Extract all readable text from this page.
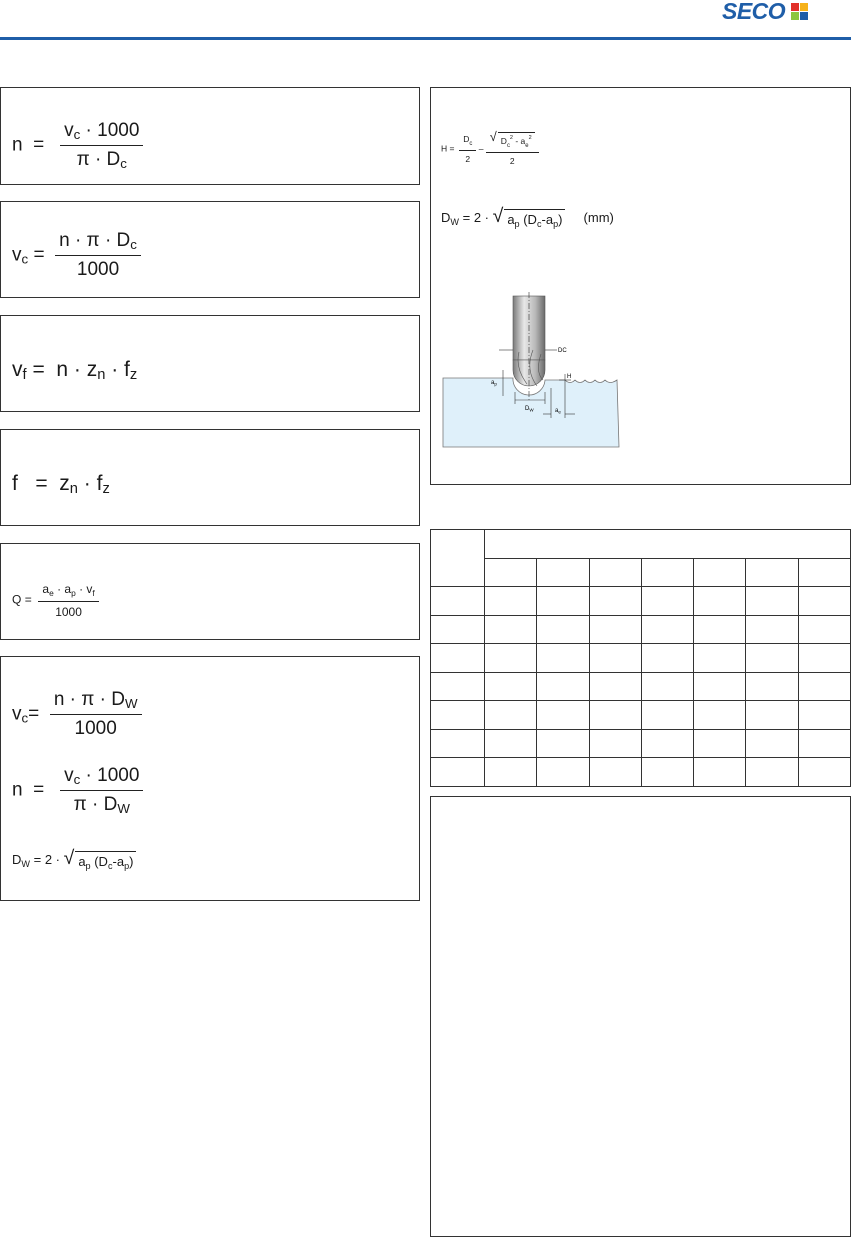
SECO
$n = \frac{v_c \cdot 1000}{\pi \cdot D_c}$
$v_c = \frac{n \cdot \pi \cdot D_c}{1000}$
$v_f = n \cdot z_n \cdot f_z$
$f = z_n \cdot f_z$
$Q = \frac{a_e \cdot a_p \cdot v_f}{1000}$
$v_c= \frac{n \cdot \pi \cdot D_W}{1000}$
$n = \frac{v_c \cdot 1000}{\pi \cdot D_W}$
$D_W = 2$ · √ $a_p$ $(D_c-a_p)$
$H = \frac{D_c}{2} - \frac{√ D_c^2 - a_e^2}{2}$
$D_W = 2$ · √ $a_p$ $(D_c-a_p)$ (mm)
DC
H
$a_p$
$D_W$	$a_e$
